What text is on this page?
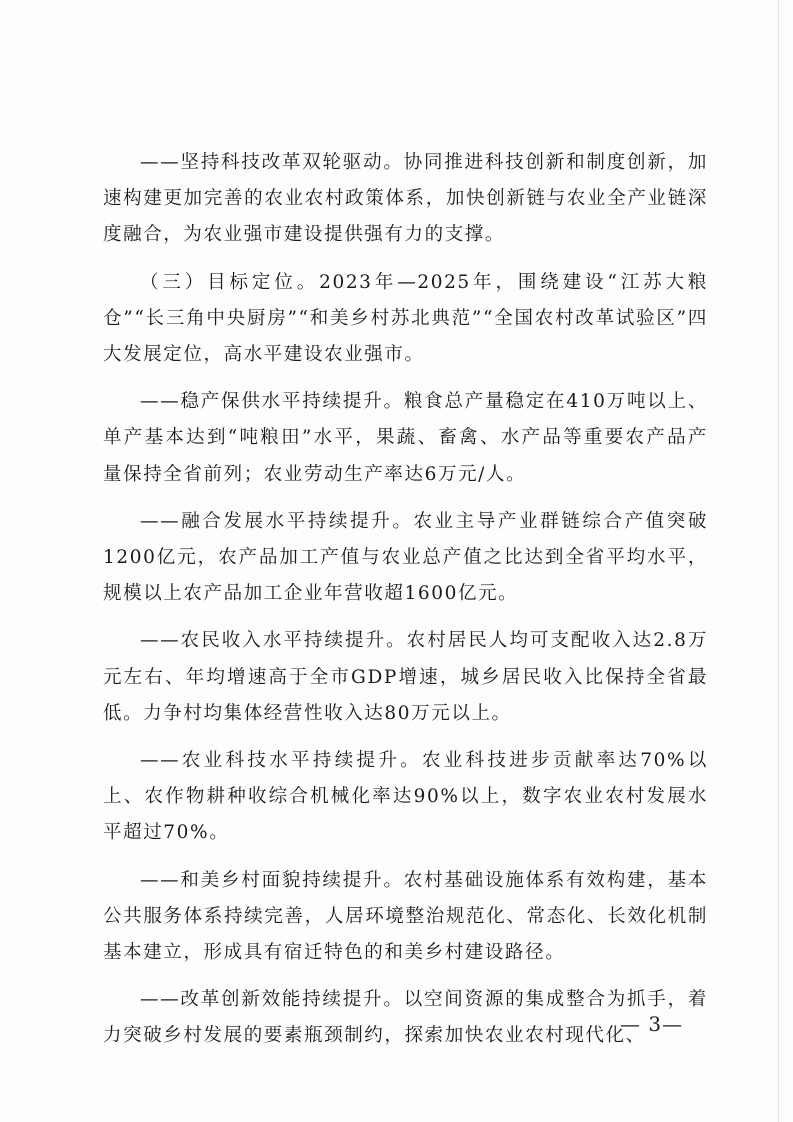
——坚持科技改革双轮驱动。协同推进科技创新和制度创新，加速构建更加完善的农业农村政策体系，加快创新链与农业全产业链深度融合，为农业强市建设提供强有力的支撑。

（三）目标定位。2023年—2025年，围绕建设“江苏大粮仓”“长三角中央厨房”“和美乡村苏北典范”“全国农村改革试验区”四大发展定位，高水平建设农业强市。

——稳产保供水平持续提升。粮食总产量稳定在410万吨以上、单产基本达到“吨粮田”水平，果蔬、畜禽、水产品等重要农产品产量保持全省前列；农业劳动生产率达6万元/人。

——融合发展水平持续提升。农业主导产业群链综合产值突破1200亿元，农产品加工产值与农业总产值之比达到全省平均水平，规模以上农产品加工企业年营收超1600亿元。

——农民收入水平持续提升。农村居民人均可支配收入达2.8万元左右、年均增速高于全市GDP增速，城乡居民收入比保持全省最低。力争村均集体经营性收入达80万元以上。

——农业科技水平持续提升。农业科技进步贡献率达70%以上、农作物耕种收综合机械化率达90%以上，数字农业农村发展水平超过70%。

——和美乡村面貌持续提升。农村基础设施体系有效构建，基本公共服务体系持续完善，人居环境整治规范化、常态化、长效化机制基本建立，形成具有宿迁特色的和美乡村建设路径。

——改革创新效能持续提升。以空间资源的集成整合为抓手，着力突破乡村发展的要素瓶颈制约，探索加快农业农村现代化、

— 3—
